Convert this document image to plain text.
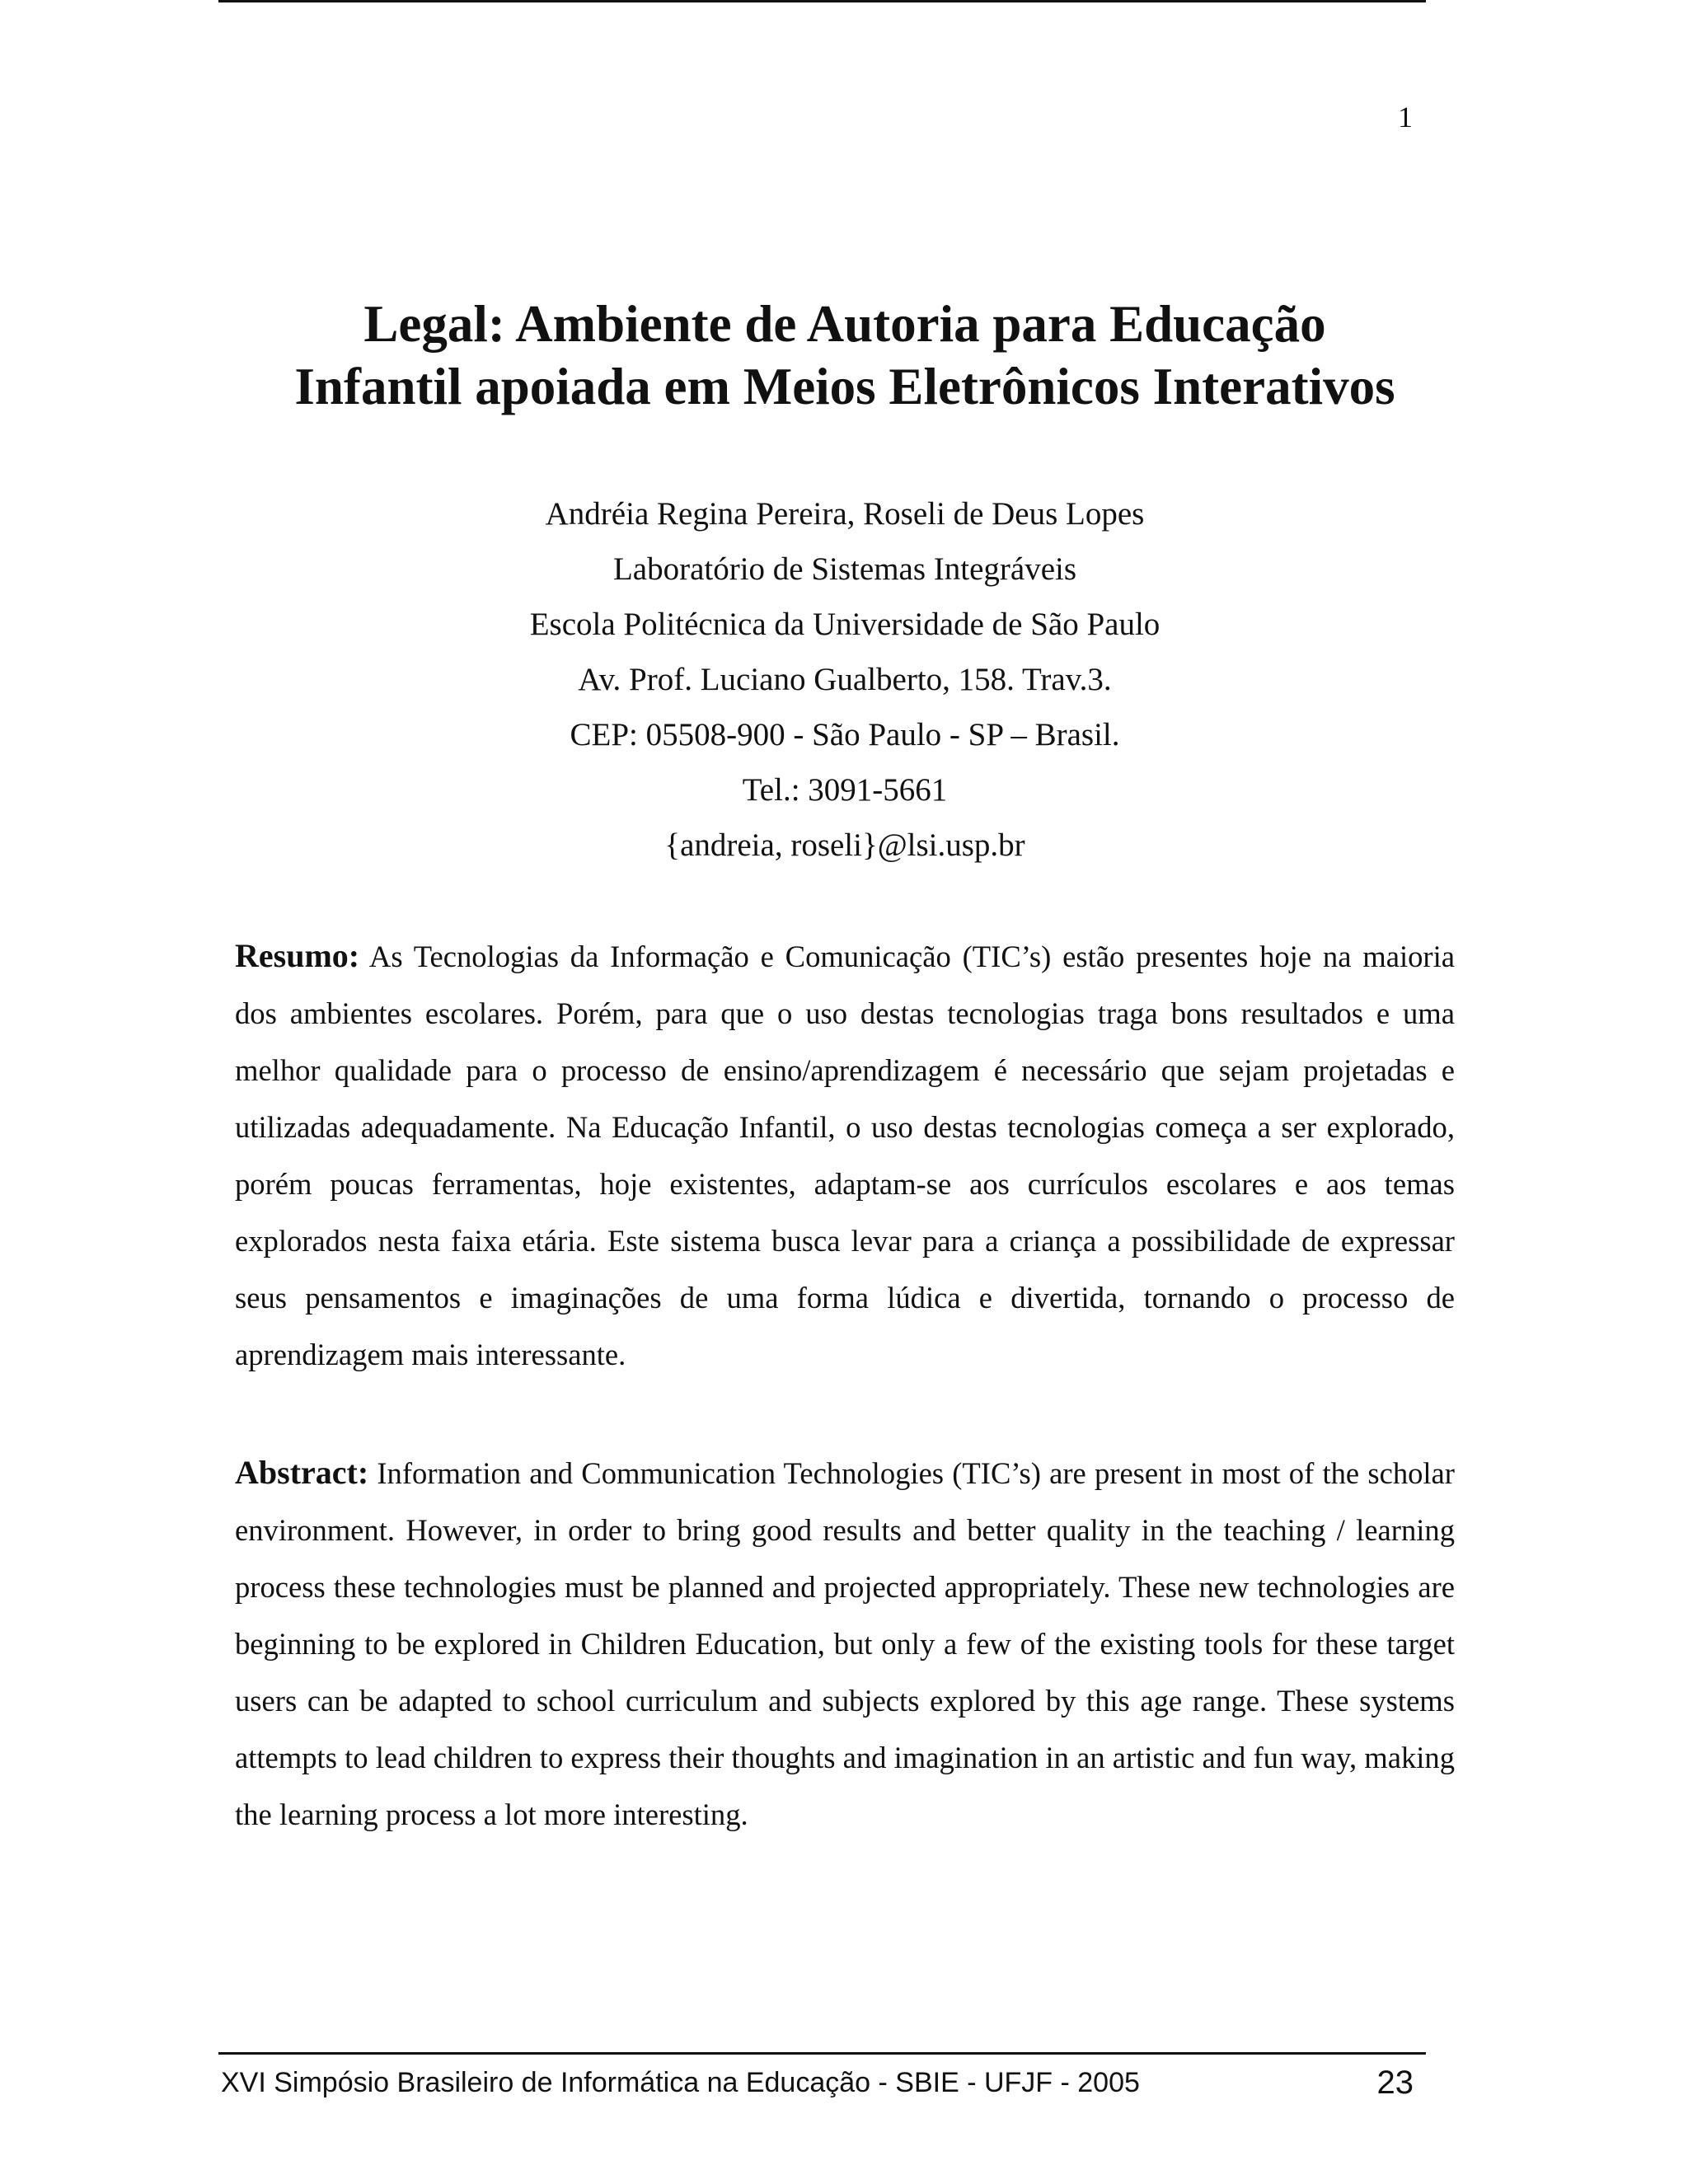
1
Legal: Ambiente de Autoria para Educação
Infantil apoiada em Meios Eletrônicos Interativos
Andréia Regina Pereira, Roseli de Deus Lopes
Laboratório de Sistemas Integráveis
Escola Politécnica da Universidade de São Paulo
Av. Prof. Luciano Gualberto, 158. Trav.3.
CEP: 05508-900 - São Paulo - SP – Brasil.
Tel.: 3091-5661
{andreia, roseli}@lsi.usp.br

Resumo: As Tecnologias da Informação e Comunicação (TIC’s) estão presentes hoje na maioria dos ambientes escolares. Porém, para que o uso destas tecnologias traga bons resultados e uma melhor qualidade para o processo de ensino/aprendizagem é necessário que sejam projetadas e utilizadas adequadamente. Na Educação Infantil, o uso destas tecnologias começa a ser explorado, porém poucas ferramentas, hoje existentes, adaptam-se aos currículos escolares e aos temas explorados nesta faixa etária. Este sistema busca levar para a criança a possibilidade de expressar seus pensamentos e imaginações de uma forma lúdica e divertida, tornando o processo de aprendizagem mais interessante.

Abstract: Information and Communication Technologies (TIC’s) are present in most of the scholar environment. However, in order to bring good results and better quality in the teaching / learning process these technologies must be planned and projected appropriately. These new technologies are beginning to be explored in Children Education, but only a few of the existing tools for these target users can be adapted to school curriculum and subjects explored by this age range. These systems attempts to lead children to express their thoughts and imagination in an artistic and fun way, making the learning process a lot more interesting.

XVI Simpósio Brasileiro de Informática na Educação - SBIE - UFJF - 2005	23
